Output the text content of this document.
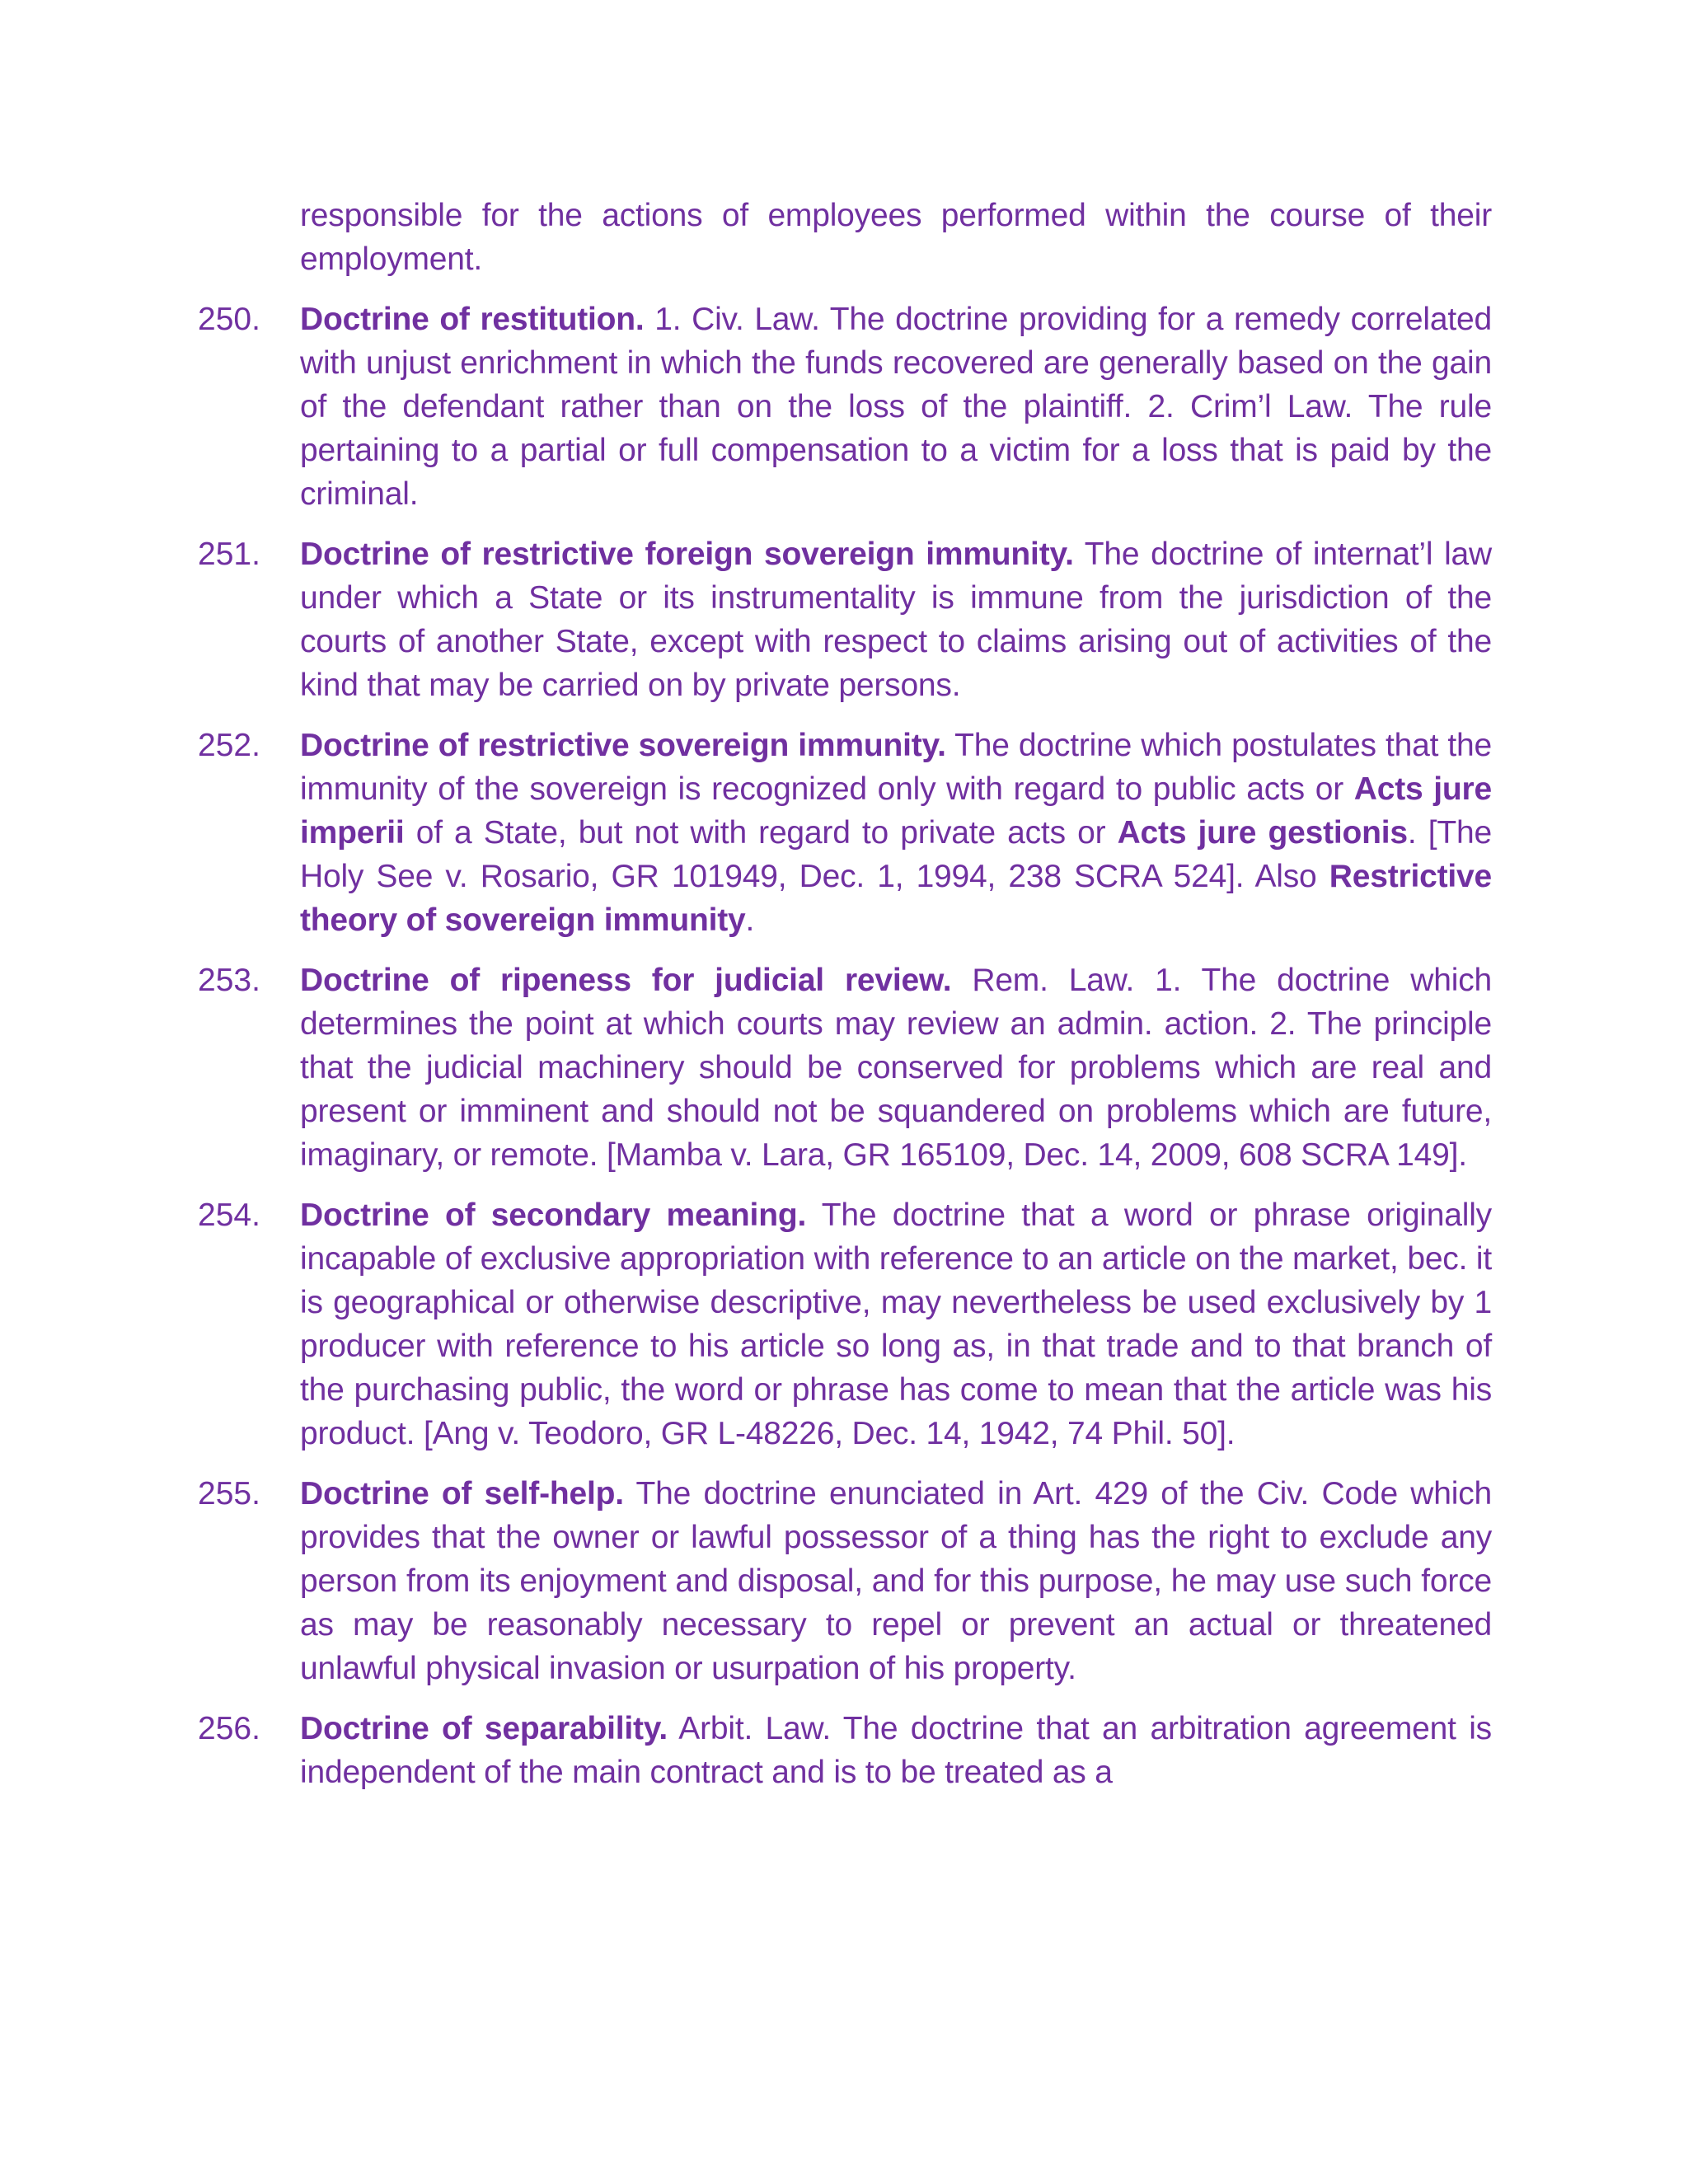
responsible for the actions of employees performed within the course of their employment.
250.	Doctrine of restitution. 1. Civ. Law. The doctrine providing for a remedy correlated with unjust enrichment in which the funds recovered are generally based on the gain of the defendant rather than on the loss of the plaintiff. 2. Crim’l Law. The rule pertaining to a partial or full compensation to a victim for a loss that is paid by the criminal.
251.	Doctrine of restrictive foreign sovereign immunity. The doctrine of internat’l law under which a State or its instrumentality is immune from the jurisdiction of the courts of another State, except with respect to claims arising out of activities of the kind that may be carried on by private persons.
252.	Doctrine of restrictive sovereign immunity. The doctrine which postulates that the immunity of the sovereign is recognized only with regard to public acts or Acts jure imperii of a State, but not with regard to private acts or Acts jure gestionis. [The Holy See v. Rosario, GR 101949, Dec. 1, 1994, 238 SCRA 524]. Also Restrictive theory of sovereign immunity.
253.	Doctrine of ripeness for judicial review. Rem. Law. 1. The doctrine which determines the point at which courts may review an admin. action. 2. The principle that the judicial machinery should be conserved for problems which are real and present or imminent and should not be squandered on problems which are future, imaginary, or remote. [Mamba v. Lara, GR 165109, Dec. 14, 2009, 608 SCRA 149].
254.	Doctrine of secondary meaning. The doctrine that a word or phrase originally incapable of exclusive appropriation with reference to an article on the market, bec. it is geographical or otherwise descriptive, may nevertheless be used exclusively by 1 producer with reference to his article so long as, in that trade and to that branch of the purchasing public, the word or phrase has come to mean that the article was his product. [Ang v. Teodoro, GR L-48226, Dec. 14, 1942, 74 Phil. 50].
255.	Doctrine of self-help. The doctrine enunciated in Art. 429 of the Civ. Code which provides that the owner or lawful possessor of a thing has the right to exclude any person from its enjoyment and disposal, and for this purpose, he may use such force as may be reasonably necessary to repel or prevent an actual or threatened unlawful physical invasion or usurpation of his property.
256.	Doctrine of separability. Arbit. Law. The doctrine that an arbitration agreement is independent of the main contract and is to be treated as a
